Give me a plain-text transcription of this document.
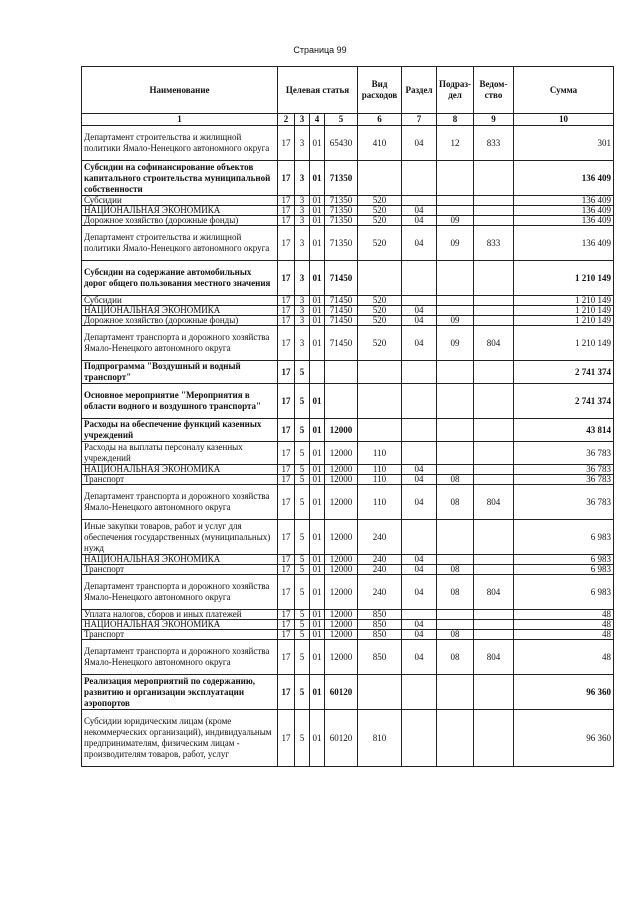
Страница 99
Наименование	Целевая статья				Вид расходов	Раздел	Подраз-дел	Ведом-ство	Сумма
1	2	3	4	5	6	7	8	9	10
Департамент строительства и жилищной политики Ямало-Ненецкого автономного округа	17	3	01	65430	410	04	12	833	301
Субсидии на софинансирование объектов капитального строительства муниципальной собственности	17	3	01	71350					136 409
Субсидии	17	3	01	71350	520				136 409
НАЦИОНАЛЬНАЯ ЭКОНОМИКА	17	3	01	71350	520	04			136 409
Дорожное хозяйство (дорожные фонды)	17	3	01	71350	520	04	09		136 409
Департамент строительства и жилищной политики Ямало-Ненецкого автономного округа	17	3	01	71350	520	04	09	833	136 409
Субсидии на содержание автомобильных дорог общего пользования местного значения	17	3	01	71450					1 210 149
Субсидии	17	3	01	71450	520				1 210 149
НАЦИОНАЛЬНАЯ ЭКОНОМИКА	17	3	01	71450	520	04			1 210 149
Дорожное хозяйство (дорожные фонды)	17	3	01	71450	520	04	09		1 210 149
Департамент транспорта и дорожного хозяйства Ямало-Ненецкого автономного округа	17	3	01	71450	520	04	09	804	1 210 149
Подпрограмма "Воздушный и водный транспорт"	17	5							2 741 374
Основное мероприятие "Мероприятия в области водного и воздушного транспорта"	17	5	01						2 741 374
Расходы на обеспечение функций казенных учреждений	17	5	01	12000					43 814
Расходы на выплаты персоналу казенных учреждений	17	5	01	12000	110				36 783
НАЦИОНАЛЬНАЯ ЭКОНОМИКА	17	5	01	12000	110	04			36 783
Транспорт	17	5	01	12000	110	04	08		36 783
Департамент транспорта и дорожного хозяйства Ямало-Ненецкого автономного округа	17	5	01	12000	110	04	08	804	36 783
Иные закупки товаров, работ и услуг для обеспечения государственных (муниципальных) нужд	17	5	01	12000	240				6 983
НАЦИОНАЛЬНАЯ ЭКОНОМИКА	17	5	01	12000	240	04			6 983
Транспорт	17	5	01	12000	240	04	08		6 983
Департамент транспорта и дорожного хозяйства Ямало-Ненецкого автономного округа	17	5	01	12000	240	04	08	804	6 983
Уплата налогов, сборов и иных платежей	17	5	01	12000	850				48
НАЦИОНАЛЬНАЯ ЭКОНОМИКА	17	5	01	12000	850	04			48
Транспорт	17	5	01	12000	850	04	08		48
Департамент транспорта и дорожного хозяйства Ямало-Ненецкого автономного округа	17	5	01	12000	850	04	08	804	48
Реализация мероприятий по содержанию, развитию и организации эксплуатации аэропортов	17	5	01	60120					96 360
Субсидии юридическим лицам (кроме некоммерческих организаций), индивидуальным предпринимателям, физическим лицам - производителям товаров, работ, услуг	17	5	01	60120	810				96 360
